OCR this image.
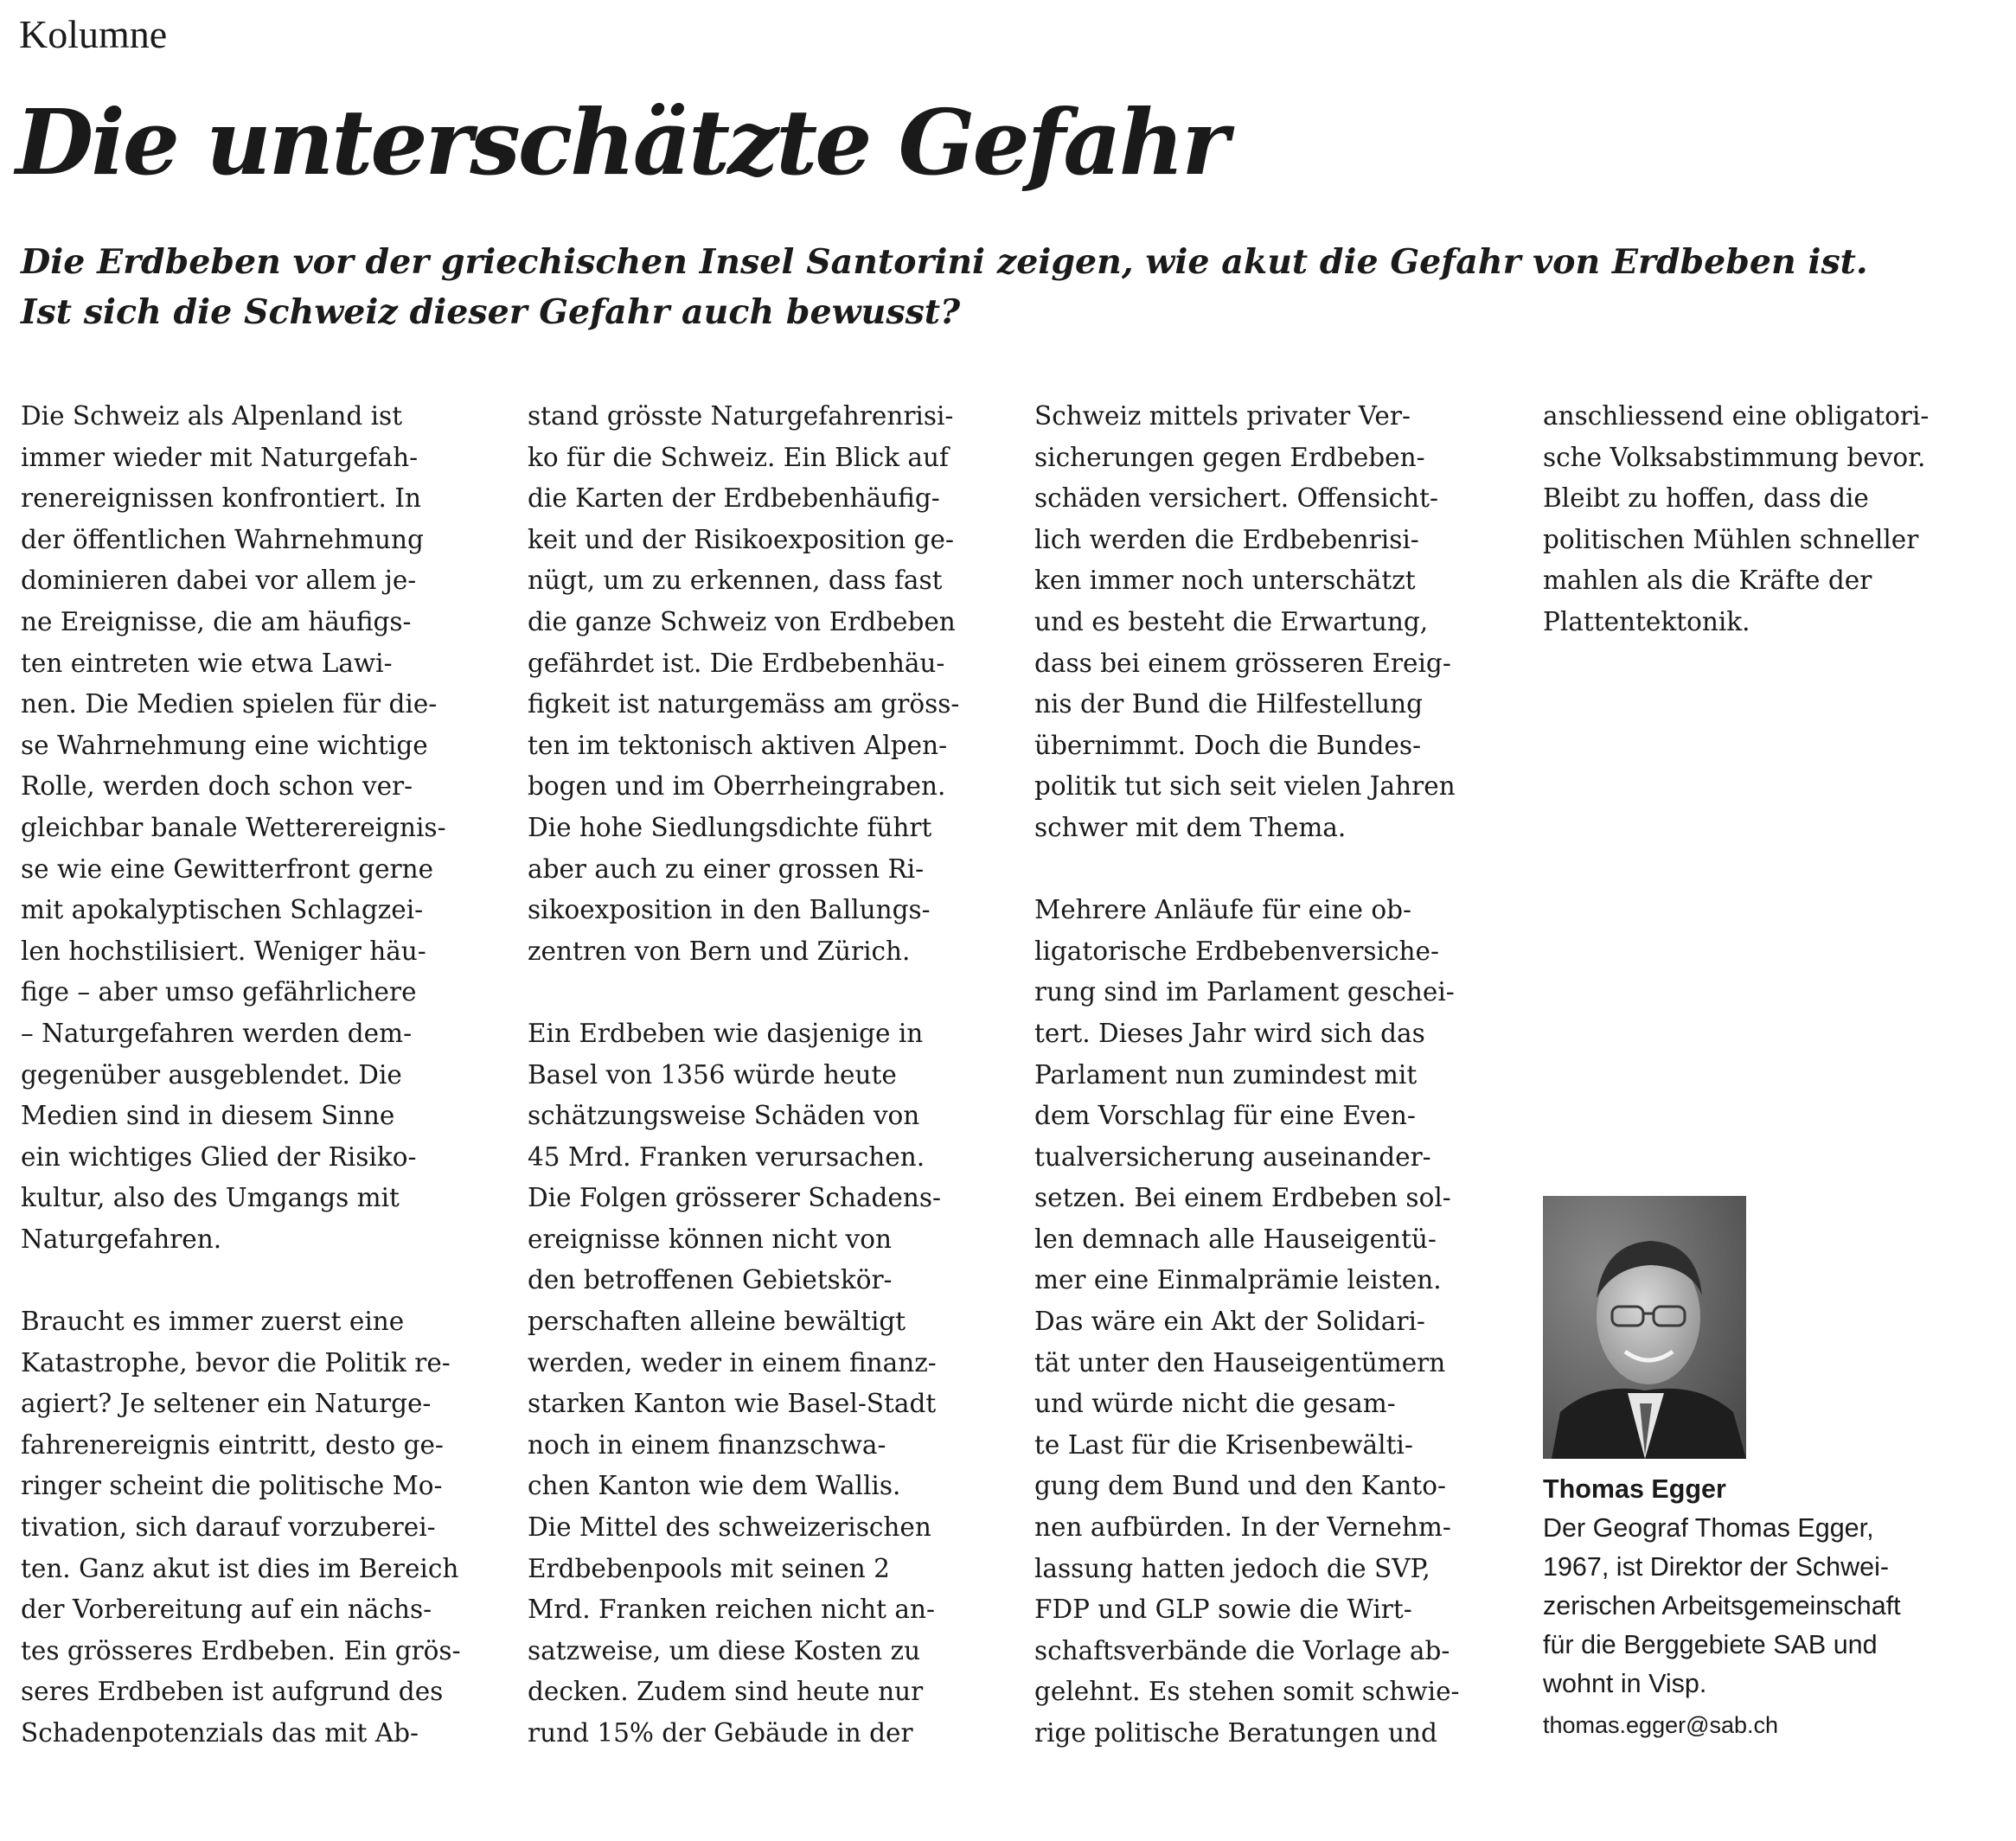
Kolumne
Die unterschätzte Gefahr
Die Erdbeben vor der griechischen Insel Santorini zeigen, wie akut die Gefahr von Erdbeben ist.
Ist sich die Schweiz dieser Gefahr auch bewusst?
Die Schweiz als Alpenland ist
immer wieder mit Naturgefah-
renereignissen konfrontiert. In
der öffentlichen Wahrnehmung
dominieren dabei vor allem je-
ne Ereignisse, die am häufigs-
ten eintreten wie etwa Lawi-
nen. Die Medien spielen für die-
se Wahrnehmung eine wichtige
Rolle, werden doch schon ver-
gleichbar banale Wetterereignis-
se wie eine Gewitterfront gerne
mit apokalyptischen Schlagzei-
len hochstilisiert. Weniger häu-
fige – aber umso gefährlichere
– Naturgefahren werden dem-
gegenüber ausgeblendet. Die
Medien sind in diesem Sinne
ein wichtiges Glied der Risiko-
kultur, also des Umgangs mit
Naturgefahren.
Braucht es immer zuerst eine
Katastrophe, bevor die Politik re-
agiert? Je seltener ein Naturge-
fahrenereignis eintritt, desto ge-
ringer scheint die politische Mo-
tivation, sich darauf vorzuberei-
ten. Ganz akut ist dies im Bereich
der Vorbereitung auf ein nächs-
tes grösseres Erdbeben. Ein grös-
seres Erdbeben ist aufgrund des
Schadenpotenzials das mit Ab-
stand grösste Naturgefahrenrisi-
ko für die Schweiz. Ein Blick auf
die Karten der Erdbebenhäufig-
keit und der Risikoexposition ge-
nügt, um zu erkennen, dass fast
die ganze Schweiz von Erdbeben
gefährdet ist. Die Erdbebenhäu-
figkeit ist naturgemäss am gröss-
ten im tektonisch aktiven Alpen-
bogen und im Oberrheingraben.
Die hohe Siedlungsdichte führt
aber auch zu einer grossen Ri-
sikoexposition in den Ballungs-
zentren von Bern und Zürich.
Ein Erdbeben wie dasjenige in
Basel von 1356 würde heute
schätzungsweise Schäden von
45 Mrd. Franken verursachen.
Die Folgen grösserer Schadens-
ereignisse können nicht von
den betroffenen Gebietskör-
perschaften alleine bewältigt
werden, weder in einem finanz-
starken Kanton wie Basel-Stadt
noch in einem finanzschwa-
chen Kanton wie dem Wallis.
Die Mittel des schweizerischen
Erdbebenpools mit seinen 2
Mrd. Franken reichen nicht an-
satzweise, um diese Kosten zu
decken. Zudem sind heute nur
rund 15% der Gebäude in der
Schweiz mittels privater Ver-
sicherungen gegen Erdbeben-
schäden versichert. Offensicht-
lich werden die Erdbebenrisi-
ken immer noch unterschätzt
und es besteht die Erwartung,
dass bei einem grösseren Ereig-
nis der Bund die Hilfestellung
übernimmt. Doch die Bundes-
politik tut sich seit vielen Jahren
schwer mit dem Thema.
Mehrere Anläufe für eine ob-
ligatorische Erdbebenversiche-
rung sind im Parlament geschei-
tert. Dieses Jahr wird sich das
Parlament nun zumindest mit
dem Vorschlag für eine Even-
tualversicherung auseinander-
setzen. Bei einem Erdbeben sol-
len demnach alle Hauseigentü-
mer eine Einmalprämie leisten.
Das wäre ein Akt der Solidari-
tät unter den Hauseigentümern
und würde nicht die gesam-
te Last für die Krisenbewälti-
gung dem Bund und den Kanto-
nen aufbürden. In der Vernehm-
lassung hatten jedoch die SVP,
FDP und GLP sowie die Wirt-
schaftsverbände die Vorlage ab-
gelehnt. Es stehen somit schwie-
rige politische Beratungen und
anschliessend eine obligatori-
sche Volksabstimmung bevor.
Bleibt zu hoffen, dass die
politischen Mühlen schneller
mahlen als die Kräfte der
Plattentektonik.
Thomas Egger
Der Geograf Thomas Egger,
1967, ist Direktor der Schwei-
zerischen Arbeitsgemeinschaft
für die Berggebiete SAB und
wohnt in Visp.
thomas.egger@sab.ch
